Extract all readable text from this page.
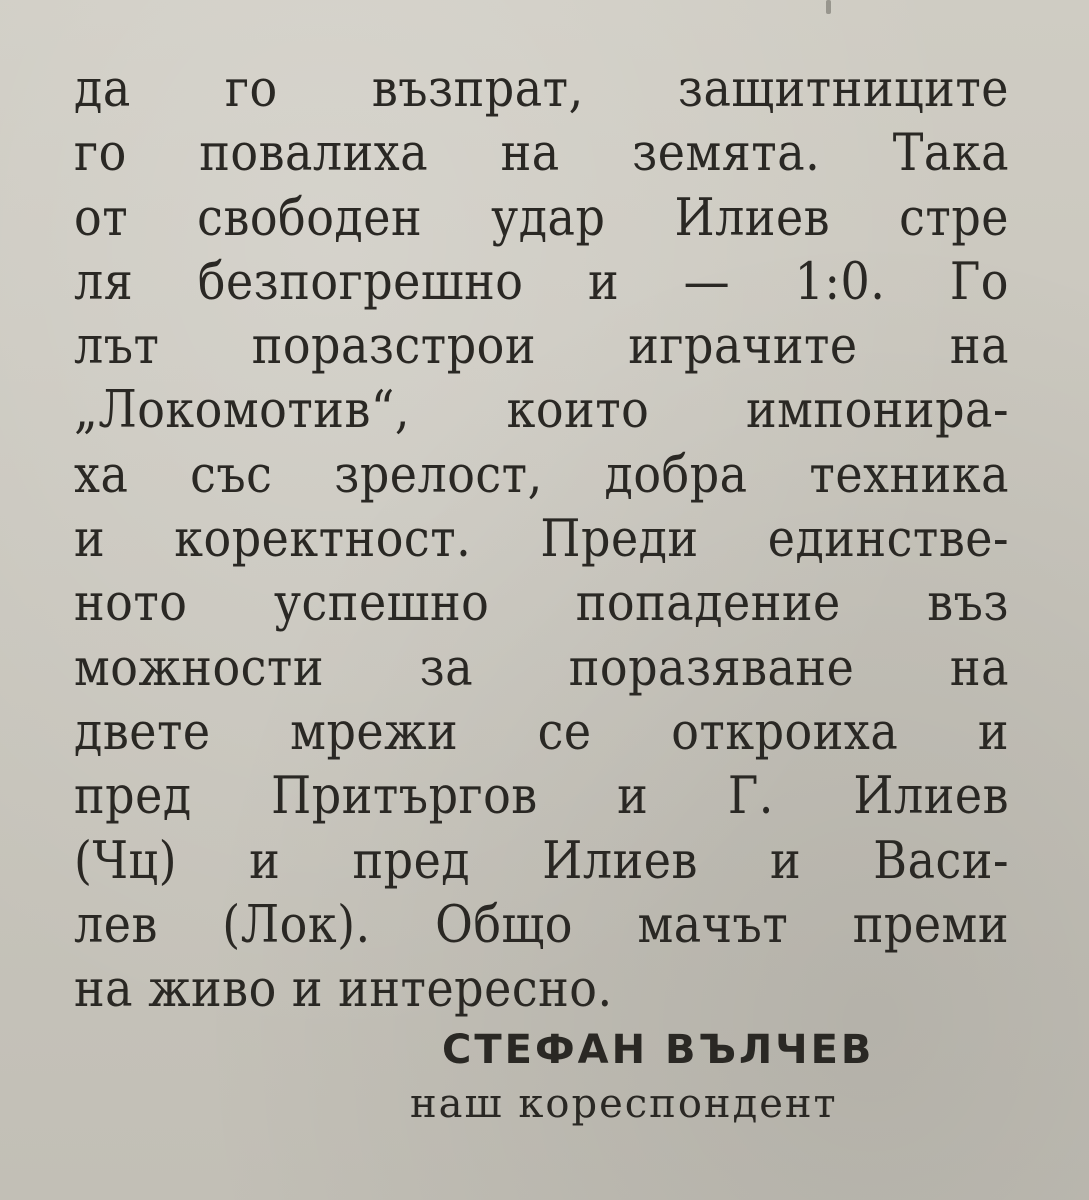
да го възпрат, защитниците
го повалиха на земята. Така
от свободен удар Илиев стре
ля безпогрешно и — 1:0. Го
лът поразстрои играчите на
„Локомотив“, които импонира-
ха със зрелост, добра техника
и коректност. Преди единстве-
ното успешно попадение въз
можности за поразяване на
двете мрежи се откроиха и
пред Притъргов и Г. Илиев
(Чц) и пред Илиев и Васи-
лев (Лок). Общо мачът преми
на живо и интересно.
СТЕФАН ВЪЛЧЕВ
наш кореспондент
